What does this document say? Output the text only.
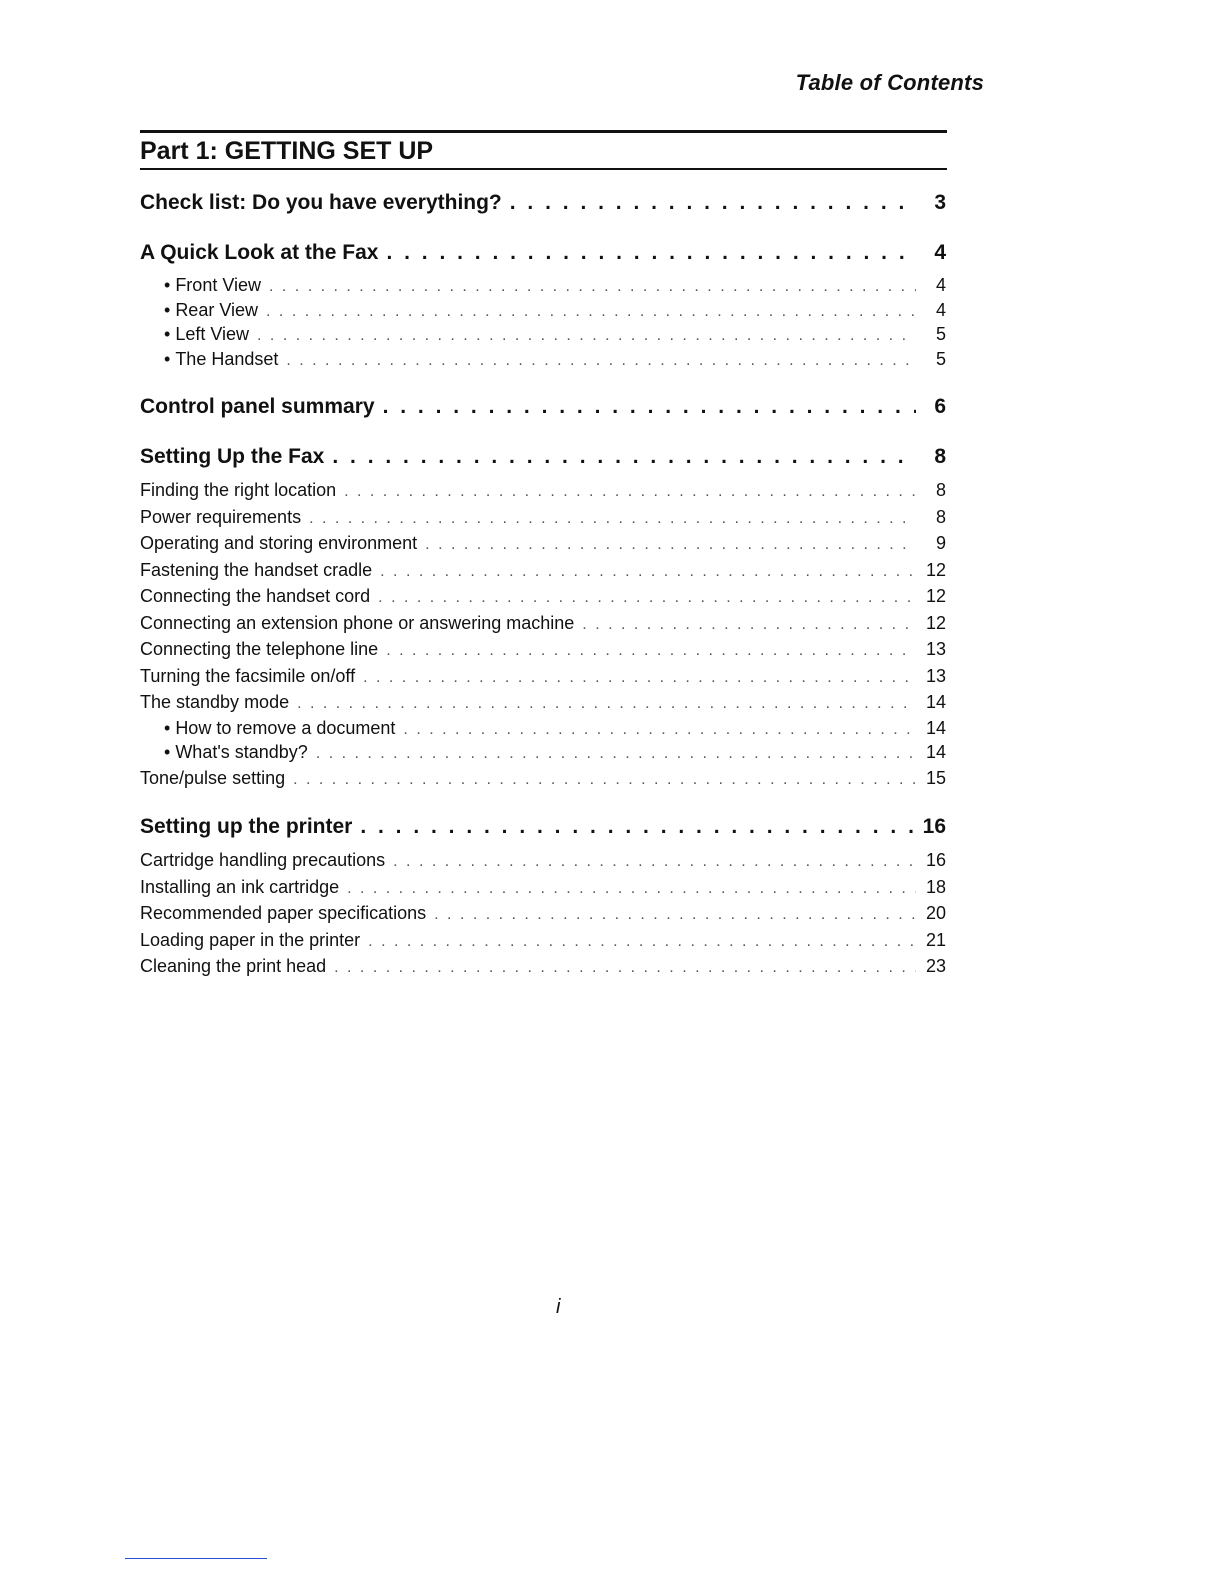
Table of Contents
Part 1: GETTING SET UP
Check list: Do you have everything? . . .	3
A Quick Look at the Fax . . .	4
• Front View . . .	4
• Rear View . . .	4
• Left View . . .	5
• The Handset . . .	5
Control panel summary . . .	6
Setting Up the Fax . . .	8
Finding the right location . . .	8
Power requirements . . .	8
Operating and storing environment . . .	9
Fastening the handset cradle . . .	12
Connecting the handset cord . . .	12
Connecting an extension phone or answering machine . . .	12
Connecting the telephone line . . .	13
Turning the facsimile on/off . . .	13
The standby mode . . .	14
• How to remove a document . . .	14
• What's standby? . . .	14
Tone/pulse setting . . .	15
Setting up the printer . . .	16
Cartridge handling precautions . . .	16
Installing an ink cartridge . . .	18
Recommended paper specifications . . .	20
Loading paper in the printer . . .	21
Cleaning the print head . . .	23
i
